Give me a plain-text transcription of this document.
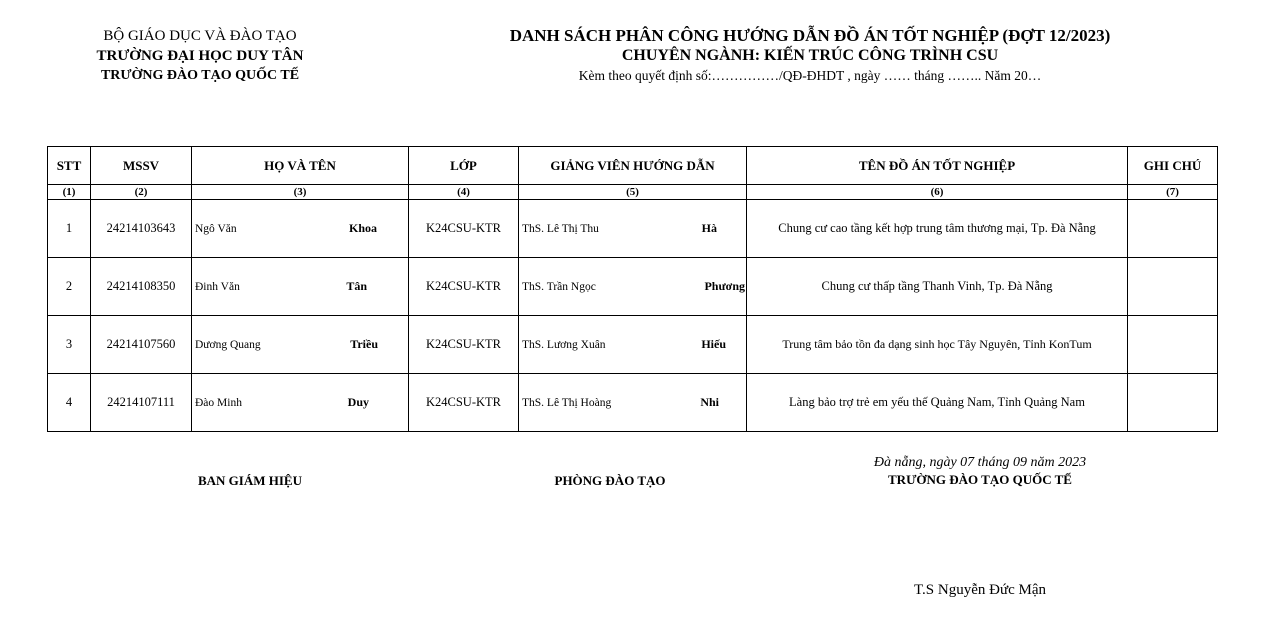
BỘ GIÁO DỤC VÀ ĐÀO TẠO
TRƯỜNG ĐẠI HỌC DUY TÂN
TRƯỜNG ĐÀO TẠO QUỐC TẾ
DANH SÁCH PHÂN CÔNG HƯỚNG DẪN ĐỒ ÁN TỐT NGHIỆP (ĐỢT 12/2023)
CHUYÊN NGÀNH: KIẾN TRÚC CÔNG TRÌNH CSU
Kèm theo quyết định số:……………/QĐ-ĐHDT , ngày …… tháng …….. Năm 20…
STT	MSSV	HỌ VÀ TÊN	LỚP	GIẢNG VIÊN HƯỚNG DẪN	TÊN ĐỒ ÁN TỐT NGHIỆP	GHI CHÚ
(1)	(2)	(3)	(4)	(5)	(6)	(7)
1	24214103643	Ngô Văn Khoa	K24CSU-KTR	ThS. Lê Thị Thu Hà	Chung cư cao tầng kết hợp trung tâm thương mại, Tp. Đà Nẵng	
2	24214108350	Đinh Văn Tân	K24CSU-KTR	ThS. Trần Ngọc Phương	Chung cư thấp tầng Thanh Vinh, Tp. Đà Nẵng	
3	24214107560	Dương Quang Triều	K24CSU-KTR	ThS. Lương Xuân Hiếu	Trung tâm bảo tồn đa dạng sinh học Tây Nguyên, Tỉnh KonTum	
4	24214107111	Đào Minh Duy	K24CSU-KTR	ThS. Lê Thị Hoàng Nhi	Làng bảo trợ trẻ em yếu thế Quảng Nam, Tỉnh Quảng Nam	
Đà nẵng, ngày 07 tháng 09 năm 2023
BAN GIÁM HIỆU	PHÒNG ĐÀO TẠO	TRƯỜNG ĐÀO TẠO QUỐC TẾ
T.S Nguyễn Đức Mận
